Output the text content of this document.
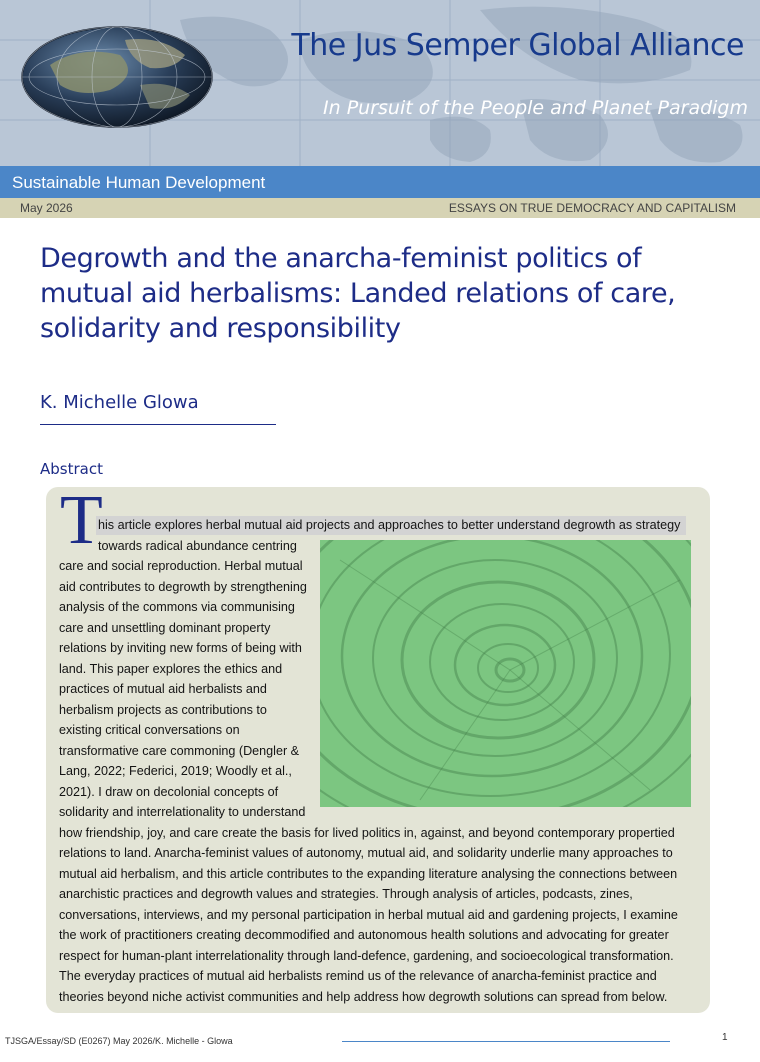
The Jus Semper Global Alliance
In Pursuit of the People and Planet Paradigm
Sustainable Human Development
May 2026	ESSAYS ON TRUE DEMOCRACY AND CAPITALISM
Degrowth and the anarcha-feminist politics of
mutual aid herbalisms: Landed relations of care,
solidarity and responsibility
K. Michelle Glowa
Abstract
T
his article explores herbal mutual aid projects and approaches to better understand degrowth as strategy
towards radical abundance centring
care and social reproduction. Herbal mutual
aid contributes to degrowth by strengthening
analysis of the commons via communising
care and unsettling dominant property
relations by inviting new forms of being with
land. This paper explores the ethics and
practices of mutual aid herbalists and
herbalism projects as contributions to
existing critical conversations on
transformative care commoning (Dengler &
Lang, 2022; Federici, 2019; Woodly et al.,
2021). I draw on decolonial concepts of
solidarity and interrelationality to understand
how friendship, joy, and care create the basis for lived politics in, against, and beyond contemporary propertied
relations to land. Anarcha-feminist values of autonomy, mutual aid, and solidarity underlie many approaches to
mutual aid herbalism, and this article contributes to the expanding literature analysing the connections between
anarchistic practices and degrowth values and strategies. Through analysis of articles, podcasts, zines,
conversations, interviews, and my personal participation in herbal mutual aid and gardening projects, I examine
the work of practitioners creating decommodified and autonomous health solutions and advocating for greater
respect for human-plant interrelationality through land-defence, gardening, and socioecological transformation.
The everyday practices of mutual aid herbalists remind us of the relevance of anarcha-feminist practice and
theories beyond niche activist communities and help address how degrowth solutions can spread from below.
TJSGA/Essay/SD (E0267) May 2026/K. Michelle - Glowa	1
